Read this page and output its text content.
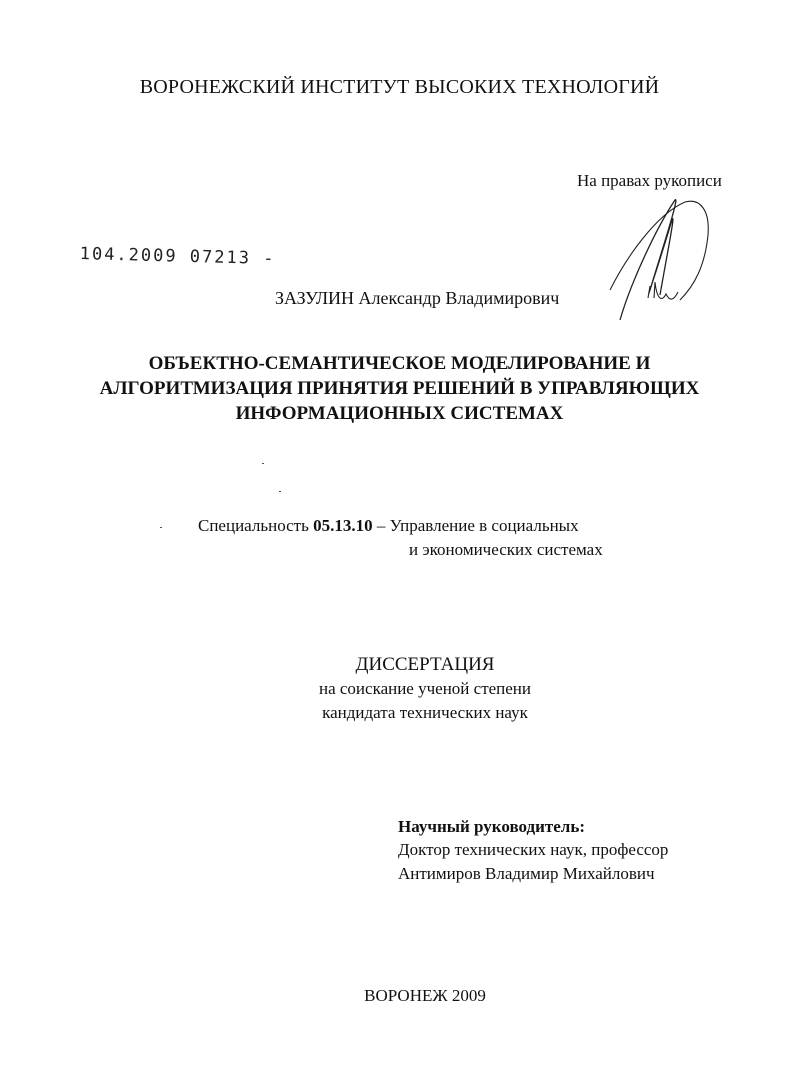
ВОРОНЕЖСКИЙ ИНСТИТУТ ВЫСОКИХ ТЕХНОЛОГИЙ
На правах рукописи
104.2009 07213 -
ЗАЗУЛИН Александр Владимирович
ОБЪЕКТНО-СЕМАНТИЧЕСКОЕ МОДЕЛИРОВАНИЕ И
АЛГОРИТМИЗАЦИЯ ПРИНЯТИЯ РЕШЕНИЙ В УПРАВЛЯЮЩИХ
ИНФОРМАЦИОННЫХ СИСТЕМАХ
Специальность 05.13.10 – Управление в социальных
и экономических системах
ДИССЕРТАЦИЯ
на соискание ученой степени
кандидата технических наук
Научный руководитель:
Доктор технических наук, профессор
Антимиров Владимир Михайлович
ВОРОНЕЖ 2009
